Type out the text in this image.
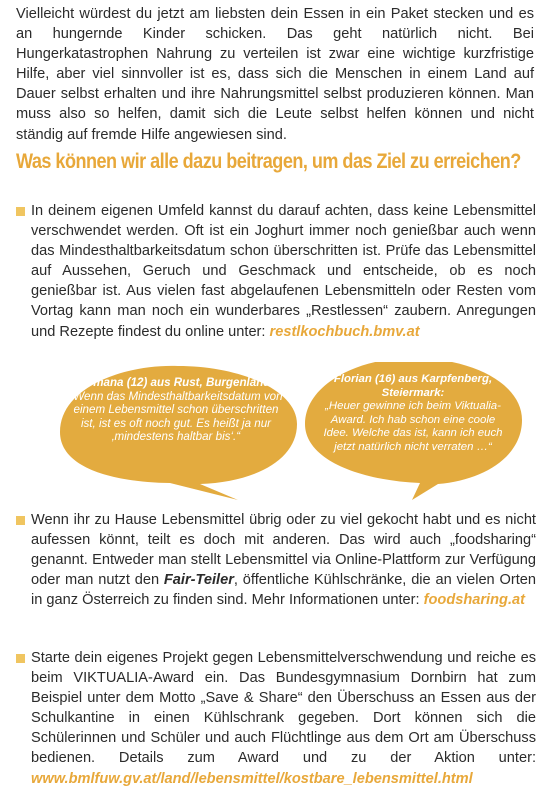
Vielleicht würdest du jetzt am liebsten dein Essen in ein Paket stecken und es an hungernde Kinder schicken. Das geht natürlich nicht. Bei Hungerkatastrophen Nahrung zu verteilen ist zwar eine wichtige kurzfristige Hilfe, aber viel sinnvoller ist es, dass sich die Menschen in einem Land auf Dauer selbst erhalten und ihre Nahrungsmittel selbst produzieren können. Man muss also so helfen, damit sich die Leute selbst helfen können und nicht ständig auf fremde Hilfe angewiesen sind.

Was können wir alle dazu beitragen, um das Ziel zu erreichen?

In deinem eigenen Umfeld kannst du darauf achten, dass keine Lebensmittel verschwendet werden. Oft ist ein Joghurt immer noch genießbar auch wenn das Mindesthaltbarkeitsdatum schon überschritten ist. Prüfe das Lebensmittel auf Aussehen, Geruch und Geschmack und entscheide, ob es noch genießbar ist. Aus vielen fast abgelaufenen Lebensmitteln oder Resten vom Vortag kann man noch ein wunderbares „Restlessen“ zaubern. Anregungen und Rezepte findest du online unter: restlkochbuch.bmv.at

Romana (12) aus Rust, Burgenland:
„Wenn das Mindesthaltbarkeitsdatum von einem Lebensmittel schon überschritten ist, ist es oft noch gut. Es heißt ja nur ‚mindestens haltbar bis‘.“
Florian (16) aus Karpfenberg, Steiermark:
„Heuer gewinne ich beim Viktualia-Award. Ich hab schon eine coole Idee. Welche das ist, kann ich euch jetzt natürlich nicht verraten …“

Wenn ihr zu Hause Lebensmittel übrig oder zu viel gekocht habt und es nicht aufessen könnt, teilt es doch mit anderen. Das wird auch „foodsharing“ genannt. Entweder man stellt Lebensmittel via Online-Plattform zur Verfügung oder man nutzt den Fair-Teiler, öffentliche Kühlschränke, die an vielen Orten in ganz Österreich zu finden sind. Mehr Informationen unter: foodsharing.at

Starte dein eigenes Projekt gegen Lebensmittelverschwendung und reiche es beim VIKTUALIA-Award ein. Das Bundesgymnasium Dornbirn hat zum Beispiel unter dem Motto „Save & Share“ den Überschuss an Essen aus der Schulkantine in einen Kühlschrank gegeben. Dort können sich die Schülerinnen und Schüler und auch Flüchtlinge aus dem Ort am Überschuss bedienen. Details zum Award und zu der Aktion unter: www.bmlfuw.gv.at/land/lebensmittel/kostbare_lebensmittel.html
